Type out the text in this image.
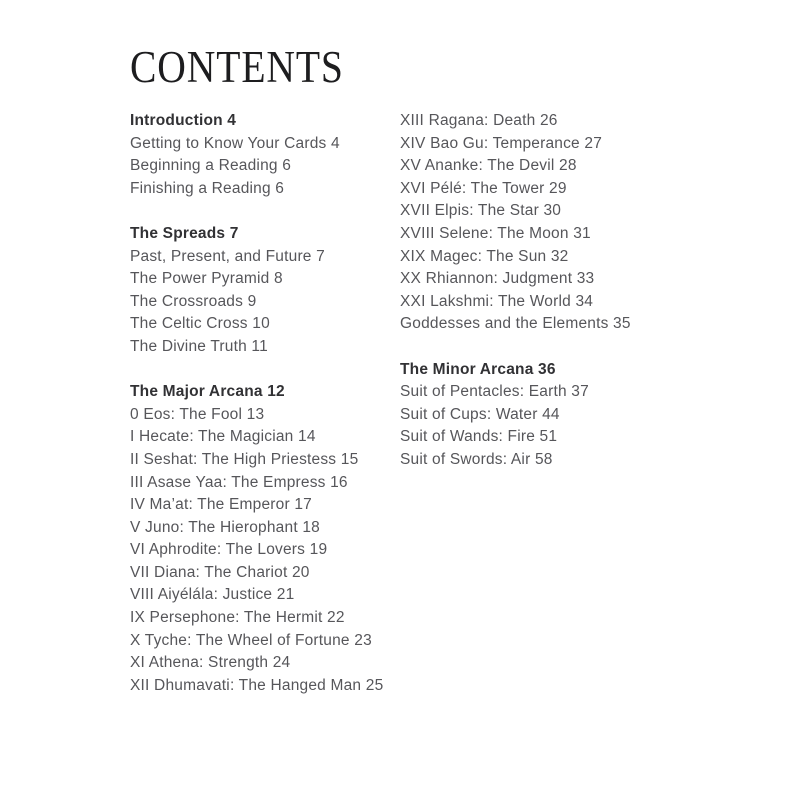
CONTENTS
Introduction 4
Getting to Know Your Cards 4
Beginning a Reading 6
Finishing a Reading 6
The Spreads 7
Past, Present, and Future 7
The Power Pyramid 8
The Crossroads 9
The Celtic Cross 10
The Divine Truth 11
The Major Arcana 12
0 Eos: The Fool 13
I Hecate: The Magician 14
II Seshat: The High Priestess 15
III Asase Yaa: The Empress 16
IV Ma’at: The Emperor 17
V Juno: The Hierophant 18
VI Aphrodite: The Lovers 19
VII Diana: The Chariot 20
VIII Aiyélála: Justice 21
IX Persephone: The Hermit 22
X Tyche: The Wheel of Fortune 23
XI Athena: Strength 24
XII Dhumavati: The Hanged Man 25
XIII Ragana: Death 26
XIV Bao Gu: Temperance 27
XV Ananke: The Devil 28
XVI Pélé: The Tower 29
XVII Elpis: The Star 30
XVIII Selene: The Moon 31
XIX Magec: The Sun 32
XX Rhiannon: Judgment 33
XXI Lakshmi: The World 34
Goddesses and the Elements 35
The Minor Arcana 36
Suit of Pentacles: Earth 37
Suit of Cups: Water 44
Suit of Wands: Fire 51
Suit of Swords: Air 58
